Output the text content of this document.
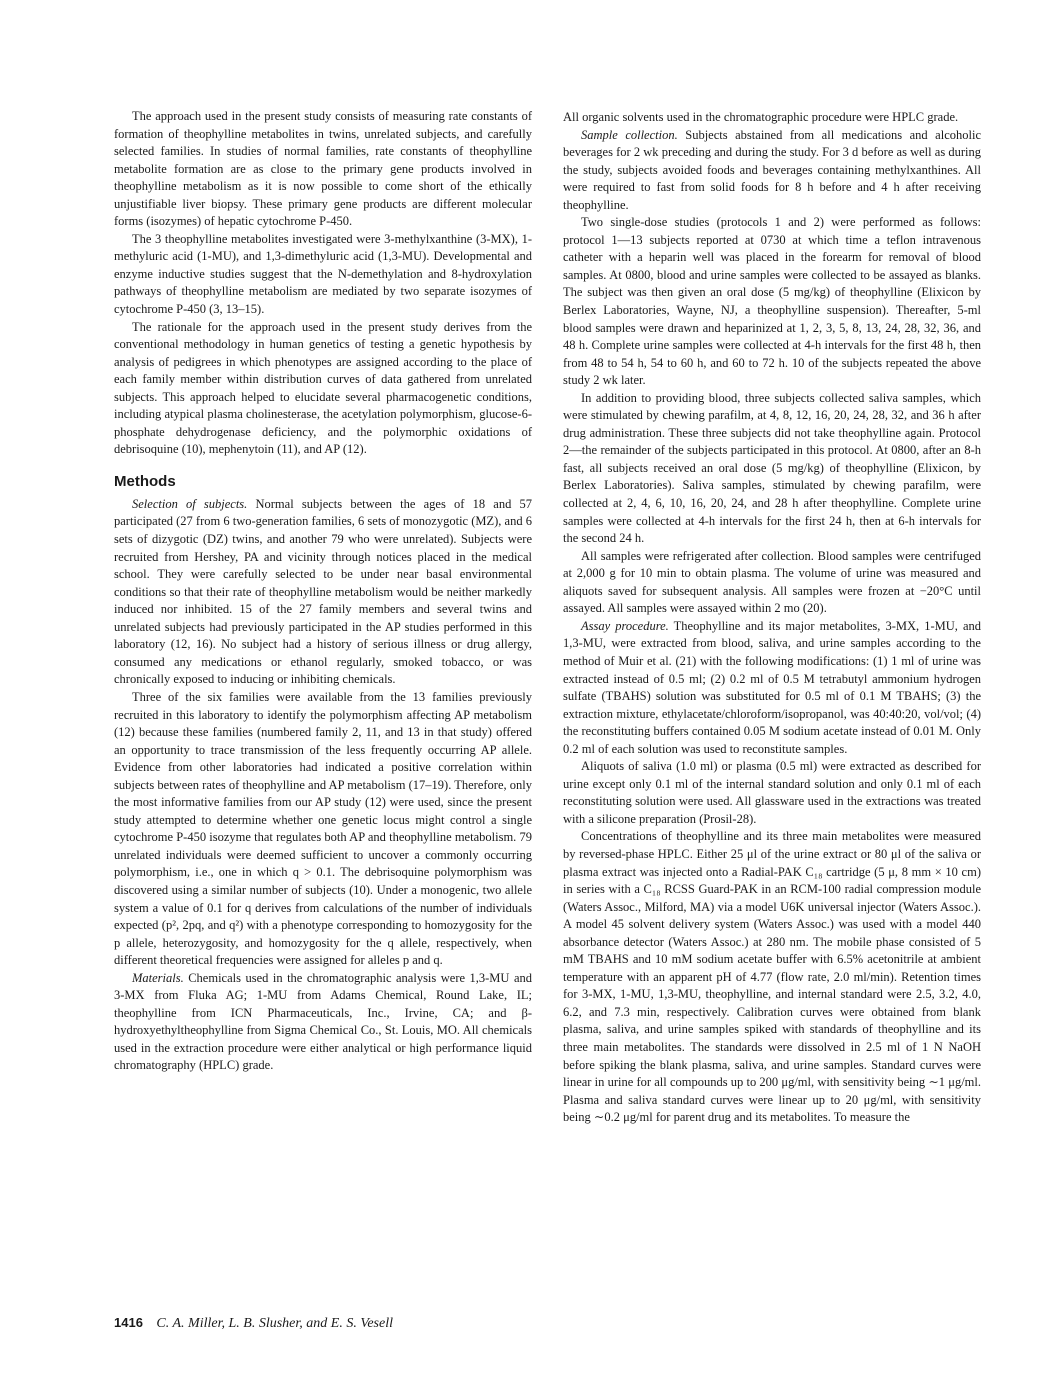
The approach used in the present study consists of measuring rate constants of formation of theophylline metabolites in twins, unrelated subjects, and carefully selected families. In studies of normal families, rate constants of theophylline metabolite formation are as close to the primary gene products involved in theophylline metabolism as it is now possible to come short of the ethically unjustifiable liver biopsy. These primary gene products are different molecular forms (isozymes) of hepatic cytochrome P-450.

The 3 theophylline metabolites investigated were 3-methylxanthine (3-MX), 1-methyluric acid (1-MU), and 1,3-dimethyluric acid (1,3-MU). Developmental and enzyme inductive studies suggest that the N-demethylation and 8-hydroxylation pathways of theophylline metabolism are mediated by two separate isozymes of cytochrome P-450 (3, 13–15).

The rationale for the approach used in the present study derives from the conventional methodology in human genetics of testing a genetic hypothesis by analysis of pedigrees in which phenotypes are assigned according to the place of each family member within distribution curves of data gathered from unrelated subjects. This approach helped to elucidate several pharmacogenetic conditions, including atypical plasma cholinesterase, the acetylation polymorphism, glucose-6-phosphate dehydrogenase deficiency, and the polymorphic oxidations of debrisoquine (10), mephenytoin (11), and AP (12).

Methods

Selection of subjects. Normal subjects between the ages of 18 and 57 participated (27 from 6 two-generation families, 6 sets of monozygotic (MZ), and 6 sets of dizygotic (DZ) twins, and another 79 who were unrelated). Subjects were recruited from Hershey, PA and vicinity through notices placed in the medical school. They were carefully selected to be under near basal environmental conditions so that their rate of theophylline metabolism would be neither markedly induced nor inhibited. 15 of the 27 family members and several twins and unrelated subjects had previously participated in the AP studies performed in this laboratory (12, 16). No subject had a history of serious illness or drug allergy, consumed any medications or ethanol regularly, smoked tobacco, or was chronically exposed to inducing or inhibiting chemicals.

Three of the six families were available from the 13 families previously recruited in this laboratory to identify the polymorphism affecting AP metabolism (12) because these families (numbered family 2, 11, and 13 in that study) offered an opportunity to trace transmission of the less frequently occurring AP allele. Evidence from other laboratories had indicated a positive correlation within subjects between rates of theophylline and AP metabolism (17–19). Therefore, only the most informative families from our AP study (12) were used, since the present study attempted to determine whether one genetic locus might control a single cytochrome P-450 isozyme that regulates both AP and theophylline metabolism. 79 unrelated individuals were deemed sufficient to uncover a commonly occurring polymorphism, i.e., one in which q > 0.1. The debrisoquine polymorphism was discovered using a similar number of subjects (10). Under a monogenic, two allele system a value of 0.1 for q derives from calculations of the number of individuals expected (p², 2pq, and q²) with a phenotype corresponding to homozygosity for the p allele, heterozygosity, and homozygosity for the q allele, respectively, when different theoretical frequencies were assigned for alleles p and q.

Materials. Chemicals used in the chromatographic analysis were 1,3-MU and 3-MX from Fluka AG; 1-MU from Adams Chemical, Round Lake, IL; theophylline from ICN Pharmaceuticals, Inc., Irvine, CA; and β-hydroxyethyltheophylline from Sigma Chemical Co., St. Louis, MO. All chemicals used in the extraction procedure were either analytical or high performance liquid chromatography (HPLC) grade.

All organic solvents used in the chromatographic procedure were HPLC grade.

Sample collection. Subjects abstained from all medications and alcoholic beverages for 2 wk preceding and during the study. For 3 d before as well as during the study, subjects avoided foods and beverages containing methylxanthines. All were required to fast from solid foods for 8 h before and 4 h after receiving theophylline.

Two single-dose studies (protocols 1 and 2) were performed as follows: protocol 1—13 subjects reported at 0730 at which time a teflon intravenous catheter with a heparin well was placed in the forearm for removal of blood samples. At 0800, blood and urine samples were collected to be assayed as blanks. The subject was then given an oral dose (5 mg/kg) of theophylline (Elixicon by Berlex Laboratories, Wayne, NJ, a theophylline suspension). Thereafter, 5-ml blood samples were drawn and heparinized at 1, 2, 3, 5, 8, 13, 24, 28, 32, 36, and 48 h. Complete urine samples were collected at 4-h intervals for the first 48 h, then from 48 to 54 h, 54 to 60 h, and 60 to 72 h. 10 of the subjects repeated the above study 2 wk later.

In addition to providing blood, three subjects collected saliva samples, which were stimulated by chewing parafilm, at 4, 8, 12, 16, 20, 24, 28, 32, and 36 h after drug administration. These three subjects did not take theophylline again. Protocol 2—the remainder of the subjects participated in this protocol. At 0800, after an 8-h fast, all subjects received an oral dose (5 mg/kg) of theophylline (Elixicon, by Berlex Laboratories). Saliva samples, stimulated by chewing parafilm, were collected at 2, 4, 6, 10, 16, 20, 24, and 28 h after theophylline. Complete urine samples were collected at 4-h intervals for the first 24 h, then at 6-h intervals for the second 24 h.

All samples were refrigerated after collection. Blood samples were centrifuged at 2,000 g for 10 min to obtain plasma. The volume of urine was measured and aliquots saved for subsequent analysis. All samples were frozen at −20°C until assayed. All samples were assayed within 2 mo (20).

Assay procedure. Theophylline and its major metabolites, 3-MX, 1-MU, and 1,3-MU, were extracted from blood, saliva, and urine samples according to the method of Muir et al. (21) with the following modifications: (1) 1 ml of urine was extracted instead of 0.5 ml; (2) 0.2 ml of 0.5 M tetrabutyl ammonium hydrogen sulfate (TBAHS) solution was substituted for 0.5 ml of 0.1 M TBAHS; (3) the extraction mixture, ethylacetate/chloroform/isopropanol, was 40:40:20, vol/vol; (4) the reconstituting buffers contained 0.05 M sodium acetate instead of 0.01 M. Only 0.2 ml of each solution was used to reconstitute samples.

Aliquots of saliva (1.0 ml) or plasma (0.5 ml) were extracted as described for urine except only 0.1 ml of the internal standard solution and only 0.1 ml of each reconstituting solution were used. All glassware used in the extractions was treated with a silicone preparation (Prosil-28).

Concentrations of theophylline and its three main metabolites were measured by reversed-phase HPLC. Either 25 μl of the urine extract or 80 μl of the saliva or plasma extract was injected onto a Radial-PAK C₁₈ cartridge (5 μ, 8 mm × 10 cm) in series with a C₁₈ RCSS Guard-PAK in an RCM-100 radial compression module (Waters Assoc., Milford, MA) via a model U6K universal injector (Waters Assoc.). A model 45 solvent delivery system (Waters Assoc.) was used with a model 440 absorbance detector (Waters Assoc.) at 280 nm. The mobile phase consisted of 5 mM TBAHS and 10 mM sodium acetate buffer with 6.5% acetonitrile at ambient temperature with an apparent pH of 4.77 (flow rate, 2.0 ml/min). Retention times for 3-MX, 1-MU, 1,3-MU, theophylline, and internal standard were 2.5, 3.2, 4.0, 6.2, and 7.3 min, respectively. Calibration curves were obtained from blank plasma, saliva, and urine samples spiked with standards of theophylline and its three main metabolites. The standards were dissolved in 2.5 ml of 1 N NaOH before spiking the blank plasma, saliva, and urine samples. Standard curves were linear in urine for all compounds up to 200 μg/ml, with sensitivity being ∼1 μg/ml. Plasma and saliva standard curves were linear up to 20 μg/ml, with sensitivity being ∼0.2 μg/ml for parent drug and its metabolites. To measure the

1416 C. A. Miller, L. B. Slusher, and E. S. Vesell
